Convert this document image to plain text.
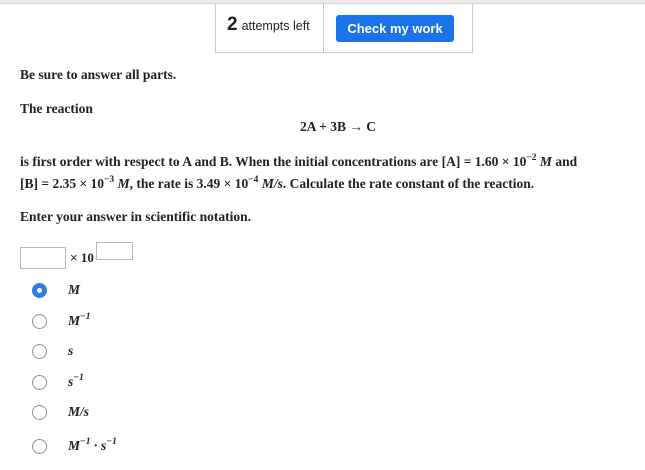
2 attempts left	Check my work
Be sure to answer all parts.
The reaction
2A + 3B → C
is first order with respect to A and B. When the initial concentrations are $[A] = 1.60 \times 10^{-2}$ M and
$[B] = 2.35 \times 10^{-3}$ M, the rate is $3.49 \times 10^{-4}$ M/s. Calculate the rate constant of the reaction.
Enter your answer in scientific notation.
× 10
M
$M^{-1}$
s
$s^{-1}$
M/s
$M^{-1} \cdot s^{-1}$
